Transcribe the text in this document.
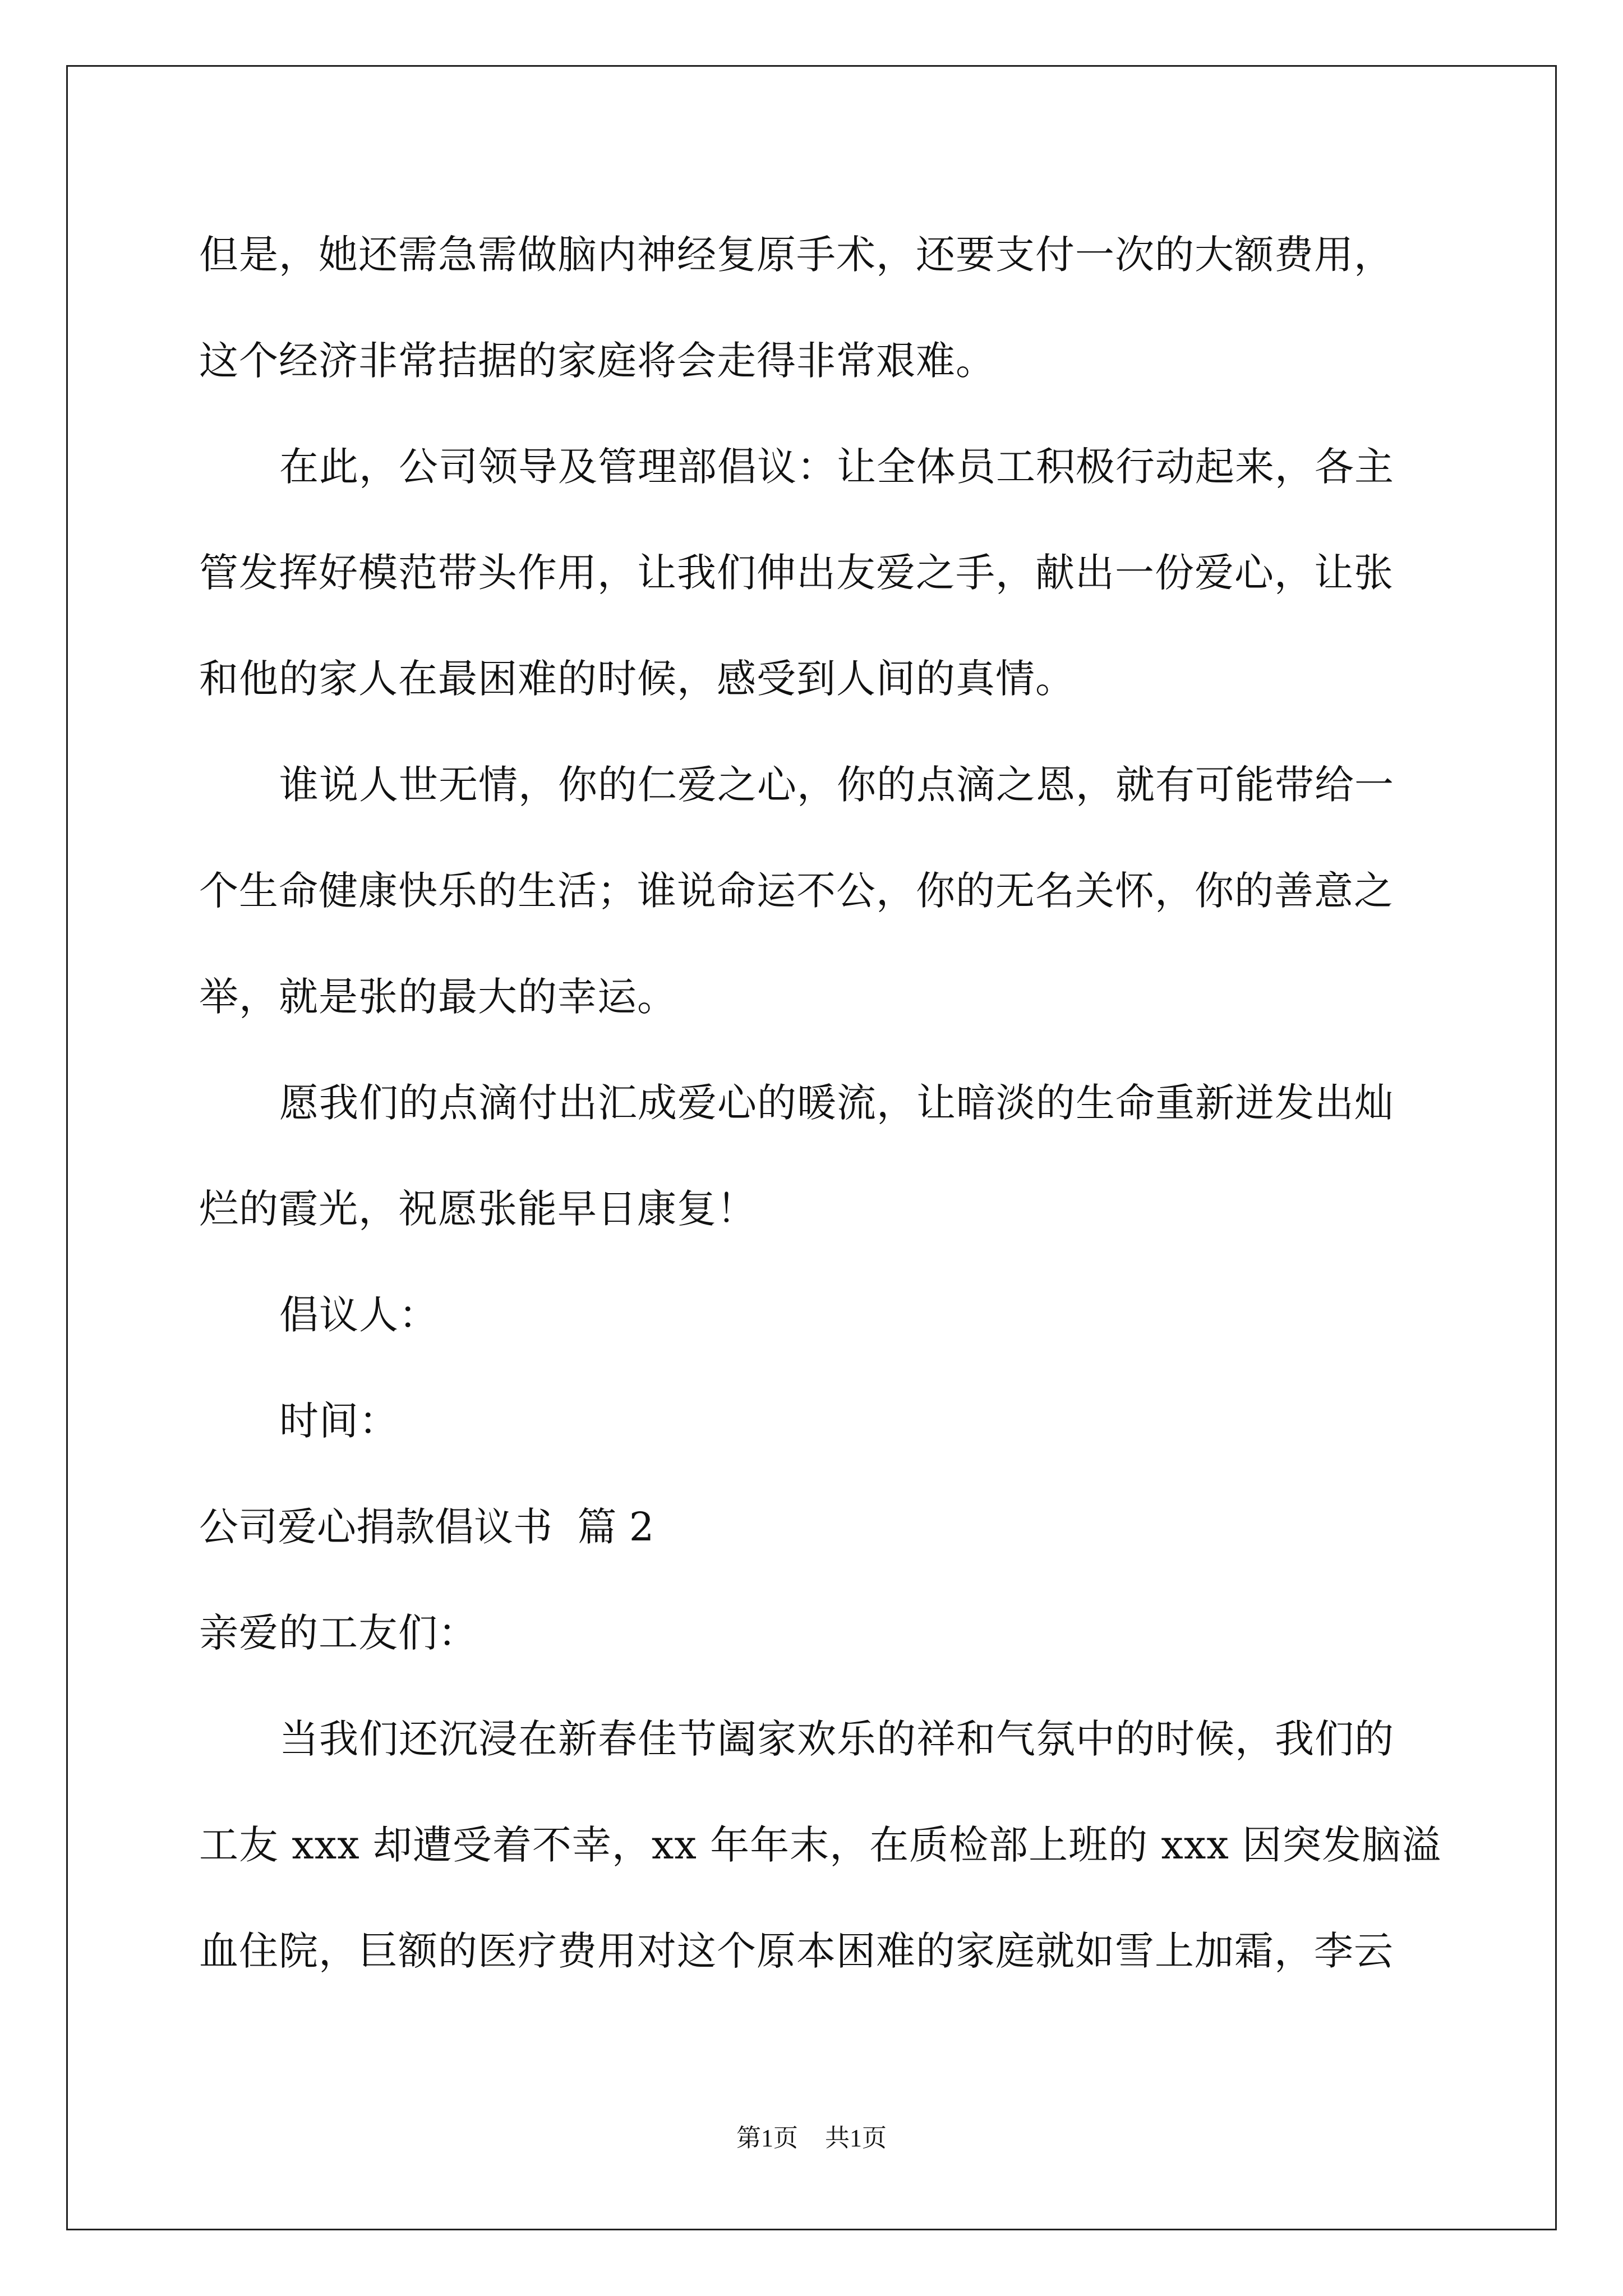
但是，她还需急需做脑内神经复原手术，还要支付一次的大额费用，
这个经济非常拮据的家庭将会走得非常艰难。
在此，公司领导及管理部倡议：让全体员工积极行动起来，各主
管发挥好模范带头作用，让我们伸出友爱之手，献出一份爱心，让张
和他的家人在最困难的时候，感受到人间的真情。
谁说人世无情，你的仁爱之心，你的点滴之恩，就有可能带给一
个生命健康快乐的生活；谁说命运不公，你的无名关怀，你的善意之
举，就是张的最大的幸运。
愿我们的点滴付出汇成爱心的暖流，让暗淡的生命重新迸发出灿
烂的霞光，祝愿张能早日康复！
倡议人：
时间：
公司爱心捐款倡议书  篇 2
亲爱的工友们：
当我们还沉浸在新春佳节阖家欢乐的祥和气氛中的时候，我们的
工友 xxx 却遭受着不幸，xx 年年末，在质检部上班的 xxx 因突发脑溢
血住院，巨额的医疗费用对这个原本困难的家庭就如雪上加霜，李云
第1页 共1页
